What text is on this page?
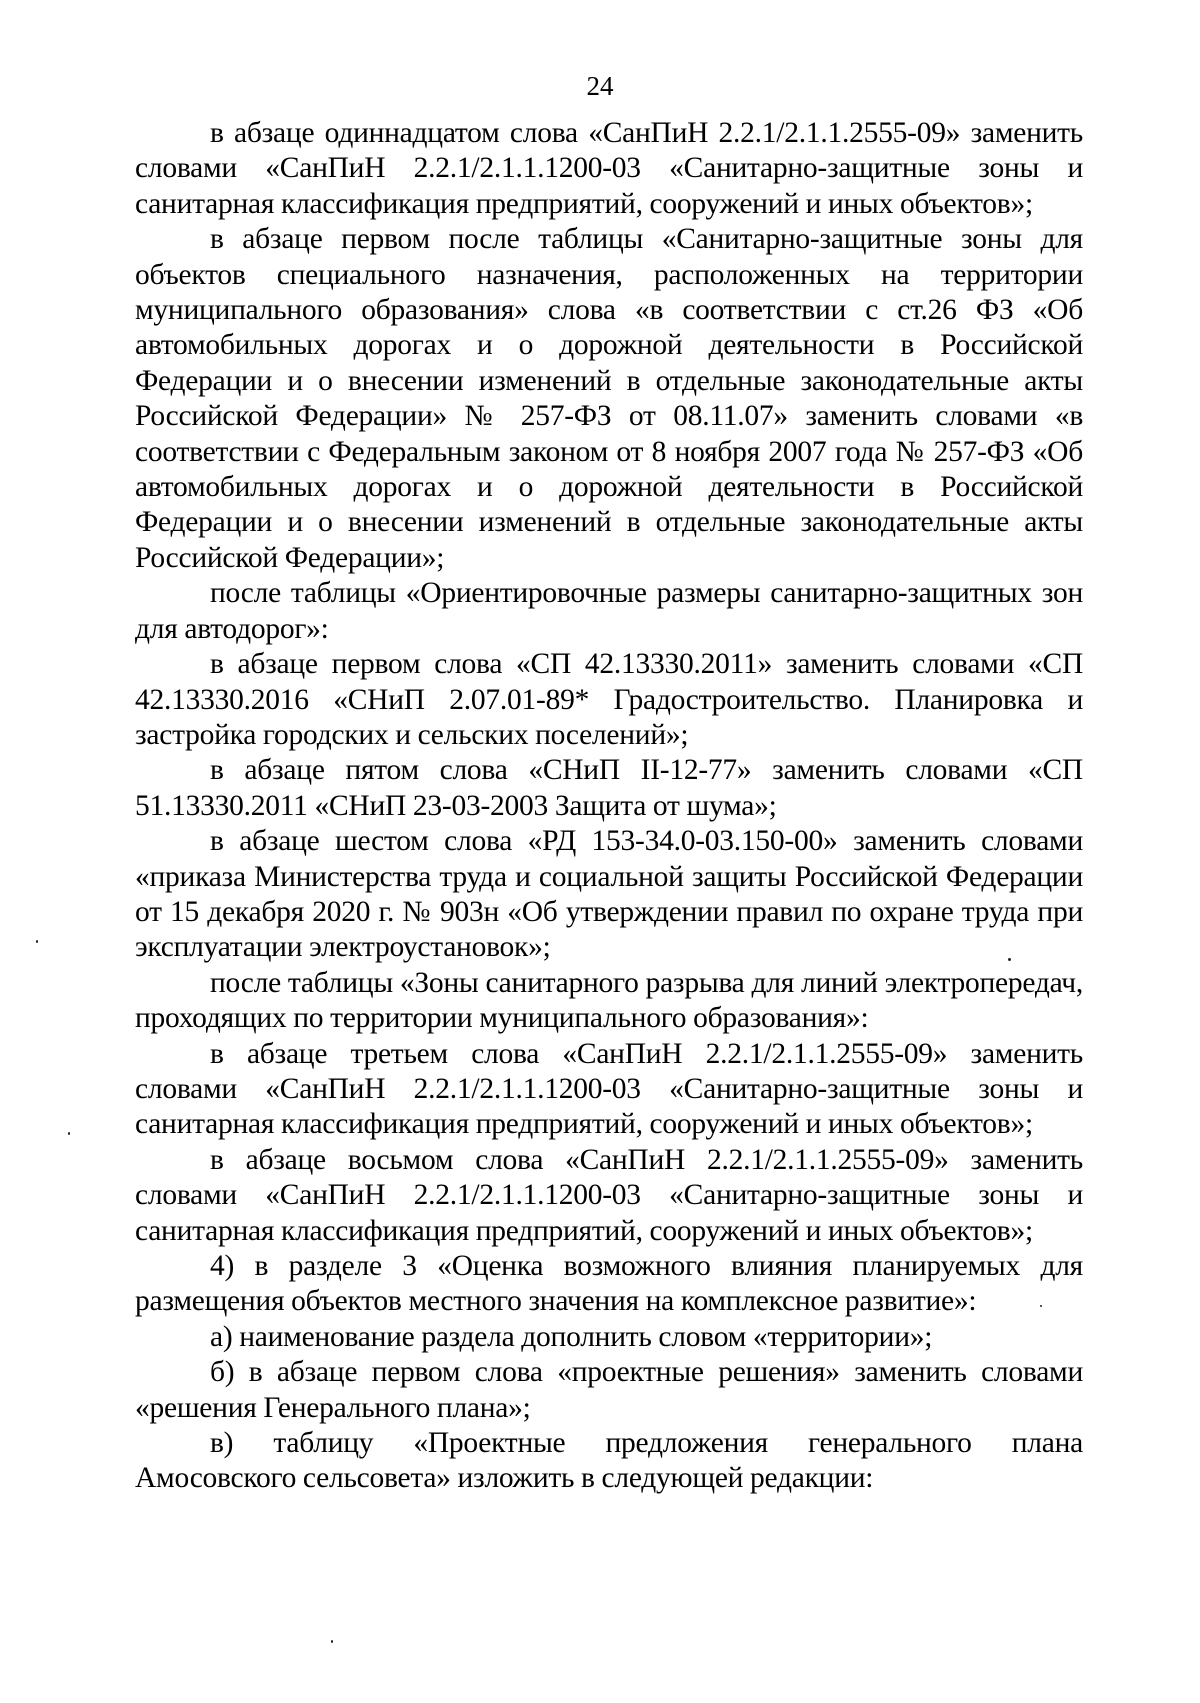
24

в абзаце одиннадцатом слова «СанПиН 2.2.1/2.1.1.2555-09» заменить словами «СанПиН 2.2.1/2.1.1.1200-03 «Санитарно-защитные зоны и санитарная классификация предприятий, сооружений и иных объектов»;

в абзаце первом после таблицы «Санитарно-защитные зоны для объектов специального назначения, расположенных на территории муниципального образования» слова «в соответствии с ст.26 ФЗ «Об автомобильных дорогах и о дорожной деятельности в Российской Федерации и о внесении изменений в отдельные законодательные акты Российской Федерации» № 257-ФЗ от 08.11.07» заменить словами «в соответствии с Федеральным законом от 8 ноября 2007 года № 257-ФЗ «Об автомобильных дорогах и о дорожной деятельности в Российской Федерации и о внесении изменений в отдельные законодательные акты Российской Федерации»;

после таблицы «Ориентировочные размеры санитарно-защитных зон для автодорог»:

в абзаце первом слова «СП 42.13330.2011» заменить словами «СП 42.13330.2016 «СНиП 2.07.01-89* Градостроительство. Планировка и застройка городских и сельских поселений»;

в абзаце пятом слова «СНиП II-12-77» заменить словами «СП 51.13330.2011 «СНиП 23-03-2003 Защита от шума»;

в абзаце шестом слова «РД 153-34.0-03.150-00» заменить словами «приказа Министерства труда и социальной защиты Российской Федерации от 15 декабря 2020 г. № 903н «Об утверждении правил по охране труда при эксплуатации электроустановок»;

после таблицы «Зоны санитарного разрыва для линий электропередач, проходящих по территории муниципального образования»:

в абзаце третьем слова «СанПиН 2.2.1/2.1.1.2555-09» заменить словами «СанПиН 2.2.1/2.1.1.1200-03 «Санитарно-защитные зоны и санитарная классификация предприятий, сооружений и иных объектов»;

в абзаце восьмом слова «СанПиН 2.2.1/2.1.1.2555-09» заменить словами «СанПиН 2.2.1/2.1.1.1200-03 «Санитарно-защитные зоны и санитарная классификация предприятий, сооружений и иных объектов»;

4) в разделе 3 «Оценка возможного влияния планируемых для размещения объектов местного значения на комплексное развитие»:

а) наименование раздела дополнить словом «территории»;

б) в абзаце первом слова «проектные решения» заменить словами «решения Генерального плана»;

в) таблицу «Проектные предложения генерального плана Амосовского сельсовета» изложить в следующей редакции:
